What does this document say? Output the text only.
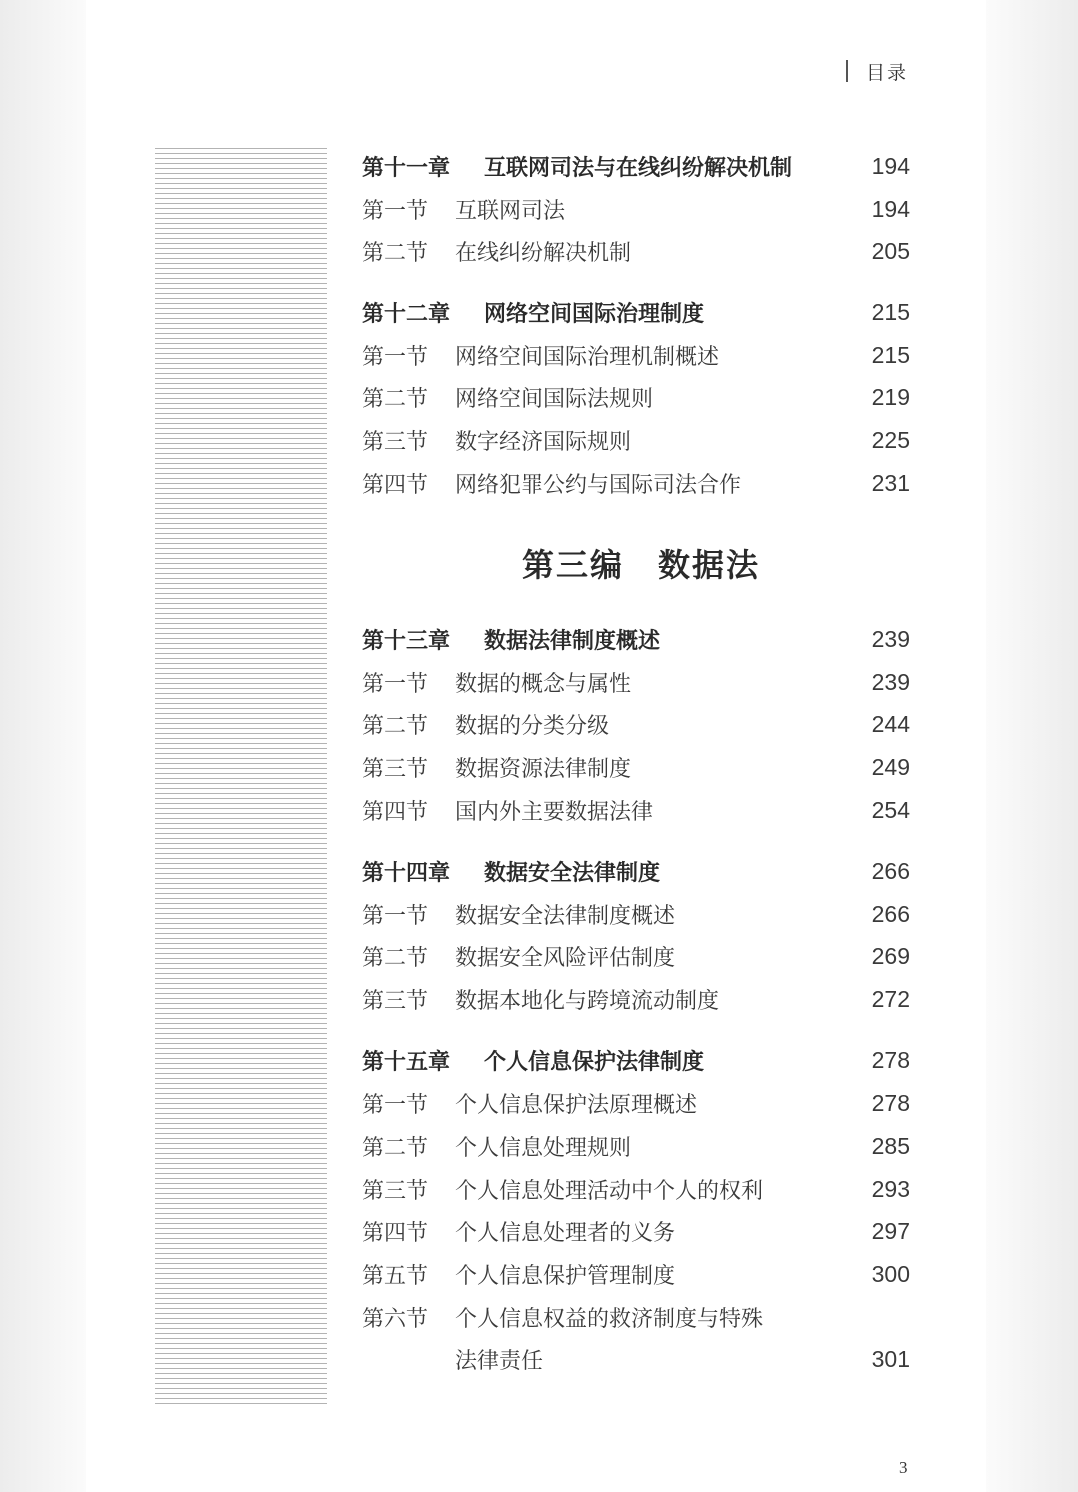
目录
第十一章	互联网司法与在线纠纷解决机制	194
第一节	互联网司法	194
第二节	在线纠纷解决机制	205
第十二章	网络空间国际治理制度	215
第一节	网络空间国际治理机制概述	215
第二节	网络空间国际法规则	219
第三节	数字经济国际规则	225
第四节	网络犯罪公约与国际司法合作	231
第三编 数据法
第十三章	数据法律制度概述	239
第一节	数据的概念与属性	239
第二节	数据的分类分级	244
第三节	数据资源法律制度	249
第四节	国内外主要数据法律	254
第十四章	数据安全法律制度	266
第一节	数据安全法律制度概述	266
第二节	数据安全风险评估制度	269
第三节	数据本地化与跨境流动制度	272
第十五章	个人信息保护法律制度	278
第一节	个人信息保护法原理概述	278
第二节	个人信息处理规则	285
第三节	个人信息处理活动中个人的权利	293
第四节	个人信息处理者的义务	297
第五节	个人信息保护管理制度	300
第六节	个人信息权益的救济制度与特殊
法律责任	301
3
